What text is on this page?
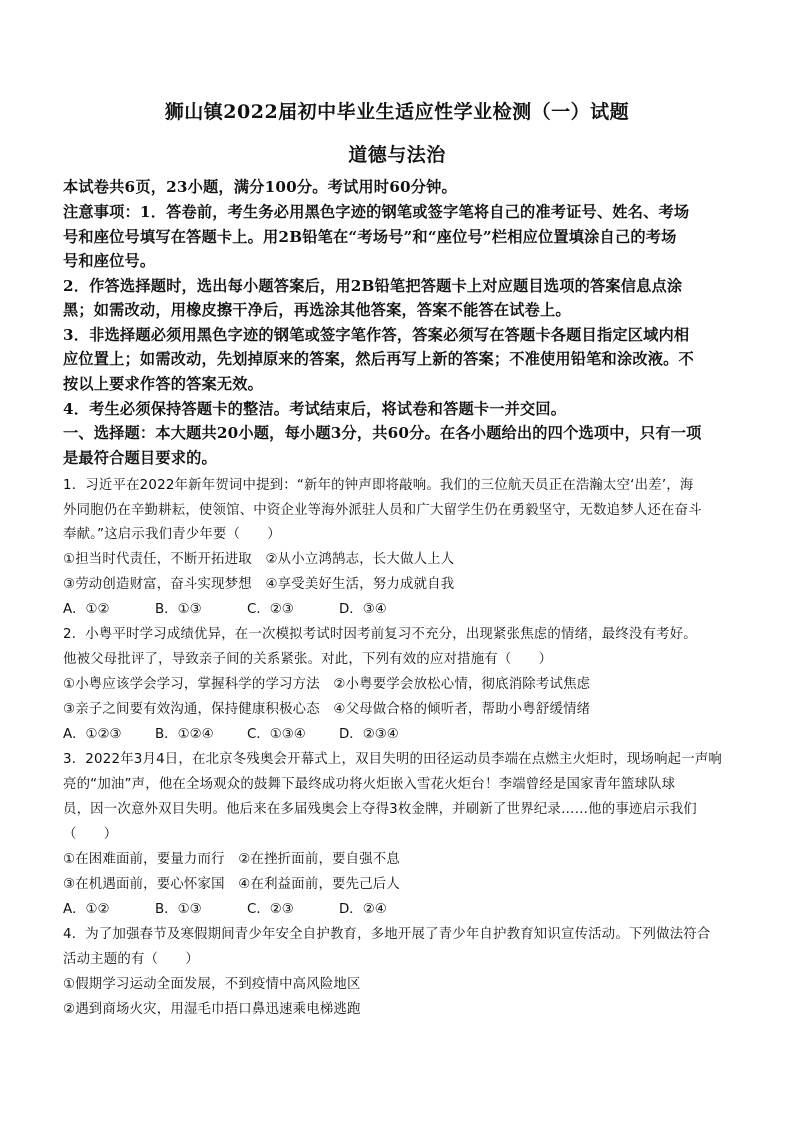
狮山镇2022届初中毕业生适应性学业检测（一）试题
道德与法治
本试卷共6页，23小题，满分100分。考试用时60分钟。
注意事项：1．答卷前，考生务必用黑色字迹的钢笔或签字笔将自己的准考证号、姓名、考场
号和座位号填写在答题卡上。用2B铅笔在“考场号”和“座位号”栏相应位置填涂自己的考场
号和座位号。
2．作答选择题时，选出每小题答案后，用2B铅笔把答题卡上对应题目选项的答案信息点涂
黑；如需改动，用橡皮擦干净后，再选涂其他答案，答案不能答在试卷上。
3．非选择题必须用黑色字迹的钢笔或签字笔作答，答案必须写在答题卡各题目指定区域内相
应位置上；如需改动，先划掉原来的答案，然后再写上新的答案；不准使用铅笔和涂改液。不
按以上要求作答的答案无效。
4．考生必须保持答题卡的整洁。考试结束后，将试卷和答题卡一并交回。
一、选择题：本大题共20小题，每小题3分，共60分。在各小题给出的四个选项中，只有一项
是最符合题目要求的。
1．习近平在2022年新年贺词中提到：“新年的钟声即将敲响。我们的三位航天员正在浩瀚太空‘出差’，海
外同胞仍在辛勤耕耘，使领馆、中资企业等海外派驻人员和广大留学生仍在勇毅坚守，无数追梦人还在奋斗
奉献。”这启示我们青少年要（　　）
①担当时代责任，不断开拓进取　②从小立鸿鹄志，长大做人上人
③劳动创造财富，奋斗实现梦想　④享受美好生活，努力成就自我
A．①②	B．①③	C．②③	D．③④
2．小粤平时学习成绩优异，在一次模拟考试时因考前复习不充分，出现紧张焦虑的情绪，最终没有考好。
他被父母批评了，导致亲子间的关系紧张。对此，下列有效的应对措施有（　　）
①小粤应该学会学习，掌握科学的学习方法　②小粤要学会放松心情，彻底消除考试焦虑
③亲子之间要有效沟通，保持健康积极心态　④父母做合格的倾听者，帮助小粤舒缓情绪
A．①②③ B．①②④ C．①③④ D．②③④
3．2022年3月4日，在北京冬残奥会开幕式上，双目失明的田径运动员李端在点燃主火炬时，现场响起一声响
亮的“加油”声，他在全场观众的鼓舞下最终成功将火炬嵌入雪花火炬台！李端曾经是国家青年篮球队球
员，因一次意外双目失明。他后来在多届残奥会上夺得3枚金牌，并刷新了世界纪录……他的事迹启示我们
（　　）
①在困难面前，要量力而行　②在挫折面前，要自强不息
③在机遇面前，要心怀家国　④在利益面前，要先己后人
A．①②	B．①③	C．②③	D．②④
4．为了加强春节及寒假期间青少年安全自护教育，多地开展了青少年自护教育知识宣传活动。下列做法符合
活动主题的有（　　）
①假期学习运动全面发展，不到疫情中高风险地区
②遇到商场火灾，用湿毛巾捂口鼻迅速乘电梯逃跑
